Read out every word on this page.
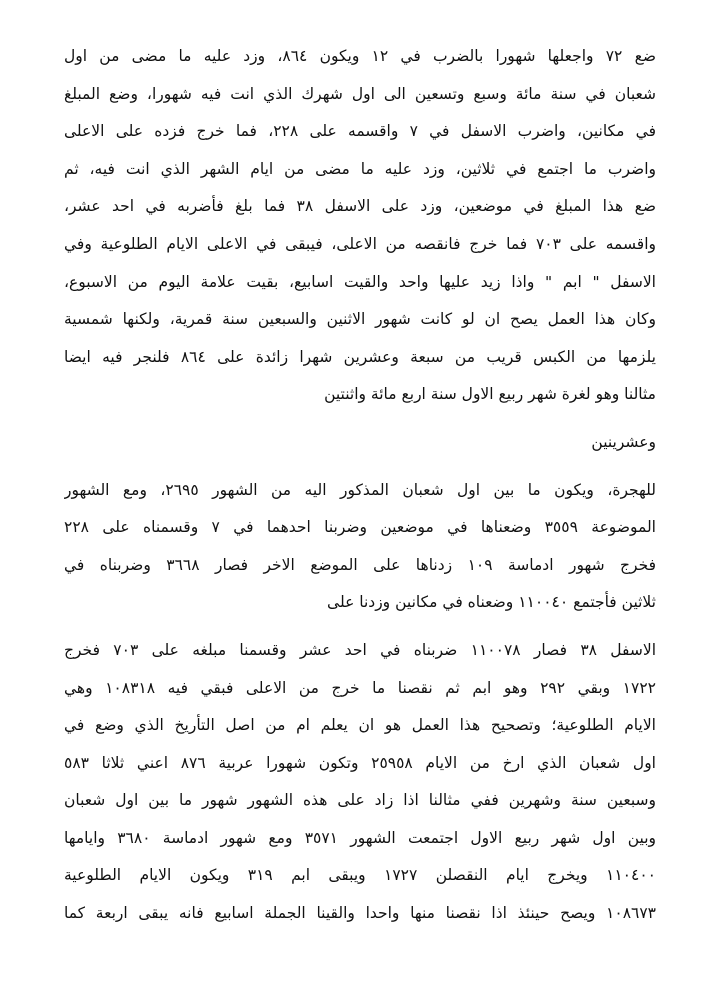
ضع ٧٢ واجعلها شهورا بالضرب في ١٢ ويكون ٨٦٤، وزد عليه ما مضى من اول
شعبان في سنة مائة وسبع وتسعين الى اول شهرك الذي انت فيه شهورا، وضع المبلغ
في مكانين، واضرب الاسفل في ٧ واقسمه على ٢٢٨، فما خرج فزده على الاعلى
واضرب ما اجتمع في ثلاثين، وزد عليه ما مضى من ايام الشهر الذي انت فيه، ثم
ضع هذا المبلغ في موضعين، وزد على الاسفل ٣٨ فما بلغ فأضربه في احد عشر،
واقسمه على ٧٠٣ فما خرج فانقصه من الاعلى، فيبقى في الاعلى الايام الطلوعية وفي
الاسفل " ابم " واذا زيد عليها واحد والقيت اسابيع، بقيت علامة اليوم من الاسبوع،
وكان هذا العمل يصح ان لو كانت شهور الاثنين والسبعين سنة قمرية، ولكنها شمسية
يلزمها من الكبس قريب من سبعة وعشرين شهرا زائدة على ٨٦٤ فلنجر فيه ايضا
مثالنا وهو لغرة شهر ربيع الاول سنة اربع مائة واثنتين
وعشرينين
للهجرة، ويكون ما بين اول شعبان المذكور اليه من الشهور ٢٦٩٥، ومع الشهور
الموضوعة ٣٥٥٩ وضعناها في موضعين وضربنا احدهما في ٧ وقسمناه على ٢٢٨
فخرج شهور ادماسة ١٠٩ زدناها على الموضع الاخر فصار ٣٦٦٨ وضربناه في
ثلاثين فأجتمع ١١٠٠٤٠ وضعناه في مكانين وزدنا على
الاسفل ٣٨ فصار ١١٠٠٧٨ ضربناه في احد عشر وقسمنا مبلغه على ٧٠٣ فخرج
١٧٢٢ وبقي ٢٩٢ وهو ابم ثم نقصنا ما خرج من الاعلى فبقي فيه ١٠٨٣١٨ وهي
الايام الطلوعية؛ وتصحيح هذا العمل هو ان يعلم ام من اصل التأريخ الذي وضع في
اول شعبان الذي ارخ من الايام ٢٥٩٥٨ وتكون شهورا عربية ٨٧٦ اعني ثلاثا ٥٨٣
وسبعين سنة وشهرين ففي مثالنا اذا زاد على هذه الشهور شهور ما بين اول شعبان
وبين اول شهر ربيع الاول اجتمعت الشهور ٣٥٧١ ومع شهور ادماسة ٣٦٨٠ وايامها
١١٠٤٠٠ ويخرج ايام النقصلن ١٧٢٧ ويبقى ابم ٣١٩ ويكون الايام الطلوعية
١٠٨٦٧٣ ويصح حينئذ اذا نقصنا منها واحدا والقينا الجملة اسابيع فانه يبقى اربعة كما
